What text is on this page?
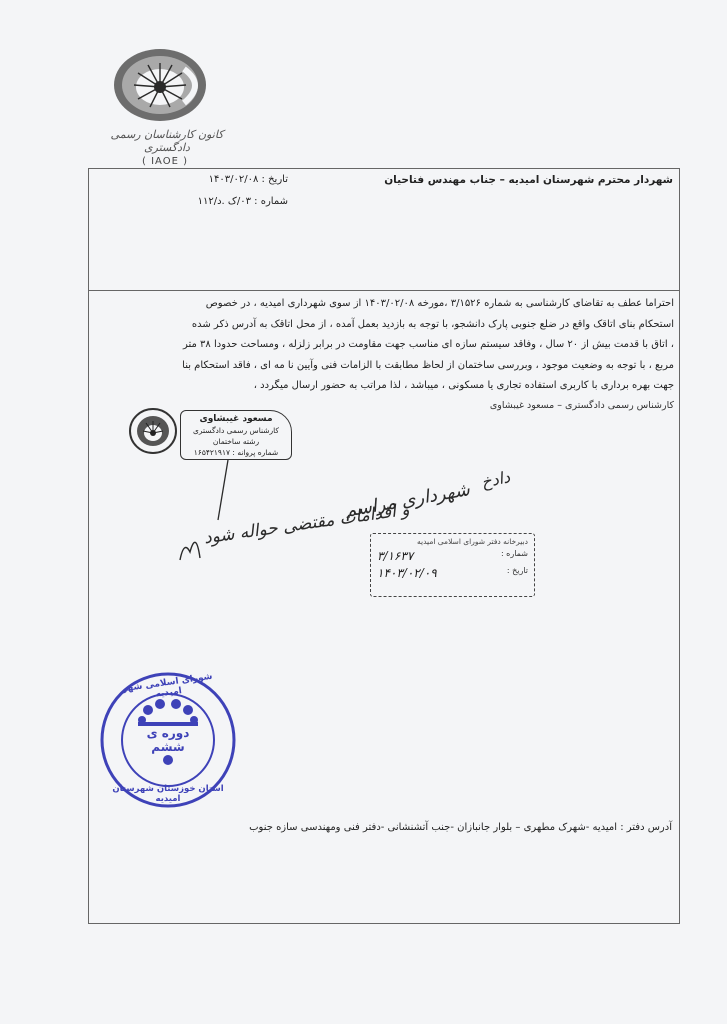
کانون کارشناسان رسمی دادگستری
( IAOE )
شهردار محترم شهرستان امیدیه – جناب مهندس فتاحیان
تاریخ : ۱۴۰۳/۰۲/۰۸
شماره : ۰۳/ک .د/۱۱۲

احتراما عطف به تقاضای کارشناسی به شماره ۳/۱۵۲۶ ،مورخه ۱۴۰۳/۰۲/۰۸ از سوی شهرداری امیدیه ، در خصوص

استحکام بنای اتاقک واقع در ضلع جنوبی پارک دانشجو، با توجه به بازدید بعمل آمده ، از محل اتاقک به آدرس ذکر شده

، اتاق با قدمت بیش از ۲۰ سال ، وفاقد سیستم سازه ای مناسب جهت مقاومت در برابر زلزله ، ومساحت حدودا ۳۸ متر

مربع ، با توجه به وضعیت موجود ، وبررسی ساختمان از لحاظ مطابقت با الزامات فنی وآیین نا مه ای ، فاقد استحکام بنا

جهت بهره برداری با کاربری استفاده تجاری یا مسکونی ، میباشد ، لذا مراتب به حضور ارسال میگردد ،

کارشناس رسمی دادگستری – مسعود غیبشاوی
مسعود غیبشاوی
کارشناس رسمی دادگستری
رشته ساختمان
شماره پروانه : ۱۶۵۴۲۱۹۱۷
دادخ
شهرداری مراسم
و اقدامات مقتضی حواله شود دبیرخانه دفتر شورای اسلامی امیدیه
شماره :
۳/۱۶۳۷
تاریخ :
۱۴۰۳/۰۲/۰۹
شورای اسلامی شهر امیدیه
دوره ی ششم
استان خوزستان شهرستان امیدیه
آدرس دفتر : امیدیه -شهرک مطهری – بلوار جانبازان -جنب آتشنشانی -دفتر فنی ومهندسی سازه جنوب
